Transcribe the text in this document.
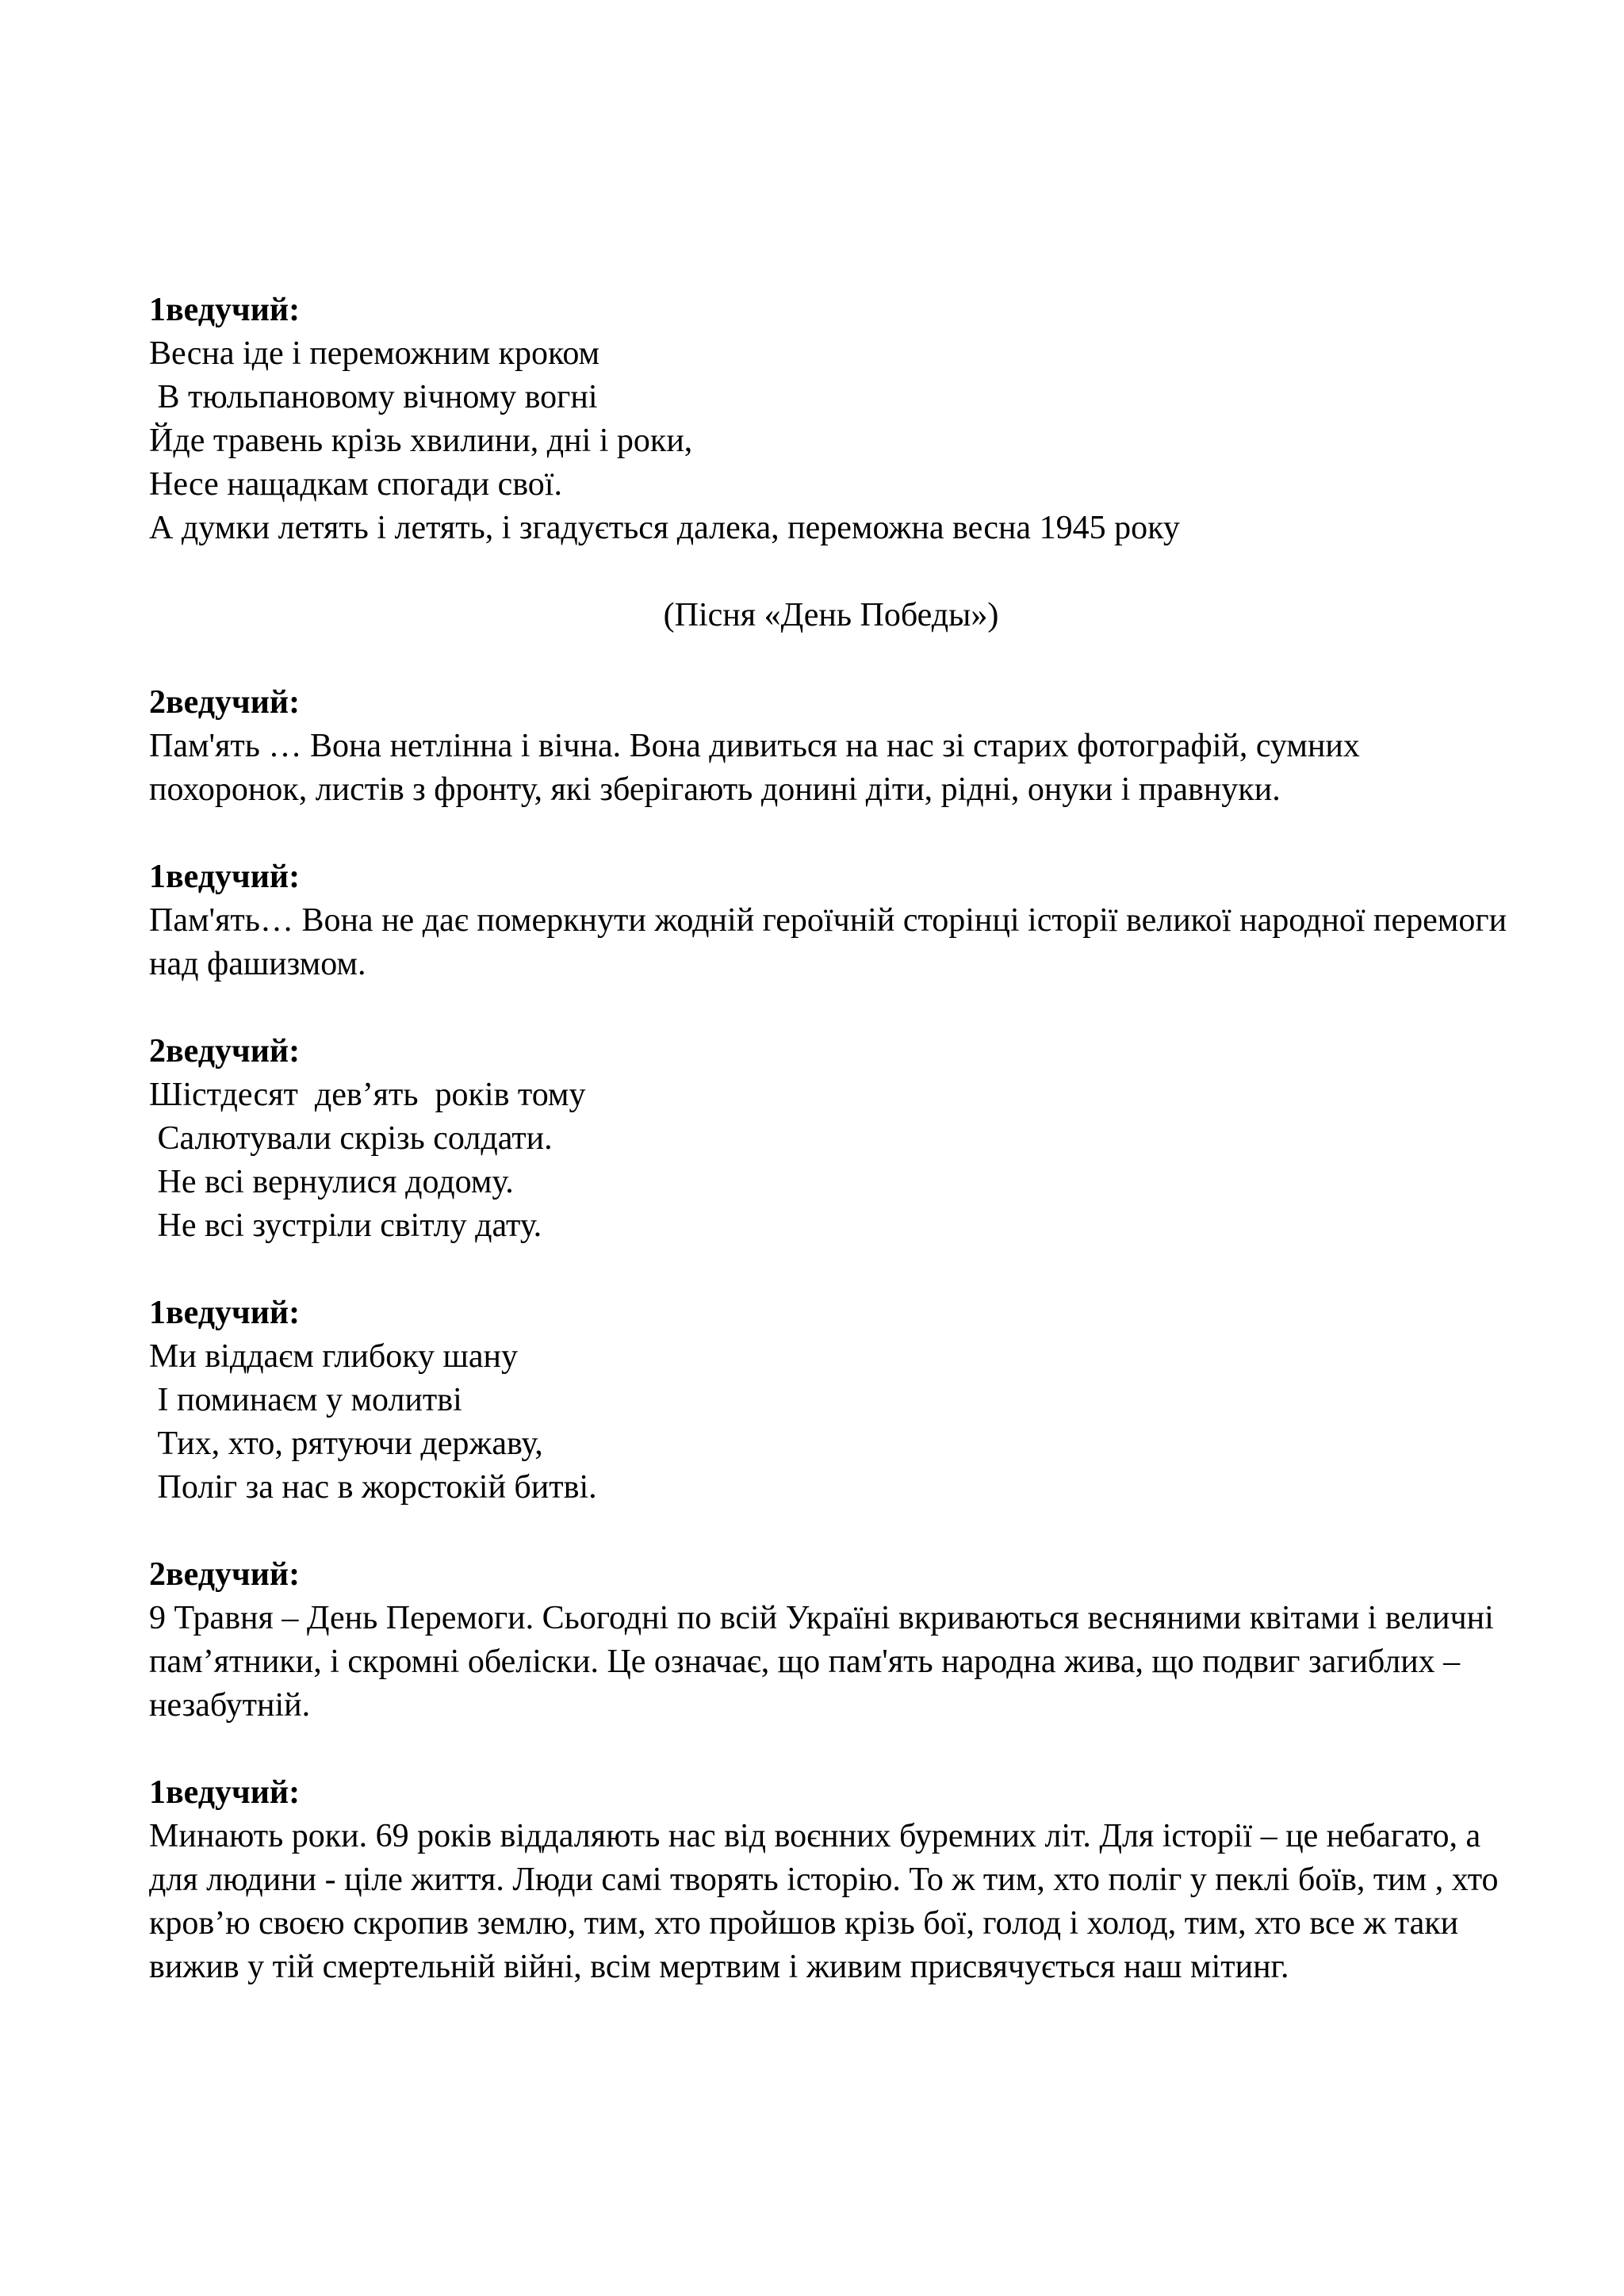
1ведучий:
Весна іде і переможним кроком
В тюльпановому вічному вогні
Йде травень крізь хвилини, дні і роки,
Несе нащадкам спогади свої.
А думки летять і летять, і згадується далека, переможна весна 1945 року
(Пісня «День Победы»)
2ведучий:
Пам'ять … Вона нетлінна і вічна. Вона дивиться на нас зі старих фотографій, сумних похоронок, листів з фронту, які зберігають донині діти, рідні, онуки і правнуки.
1ведучий:
Пам'ять… Вона не дає померкнути жодній героїчній сторінці історії великої народної перемоги над фашизмом.
2ведучий:
Шістдесят  дев’ять  років тому
Салютували скрізь солдати.
Не всі вернулися додому.
Не всі зустріли світлу дату.
1ведучий:
Ми віддаєм глибоку шану
І поминаєм у молитві
Тих, хто, рятуючи державу,
Поліг за нас в жорстокій битві.
2ведучий:
9 Травня – День Перемоги. Сьогодні по всій Україні вкриваються весняними квітами і величні пам’ятники, і скромні обеліски. Це означає, що пам'ять народна жива, що подвиг загиблих – незабутній.
1ведучий:
Минають роки. 69 років віддаляють нас від воєнних буремних літ. Для історії – це небагато, а для людини - ціле життя. Люди самі творять історію. То ж тим, хто поліг у пеклі боїв, тим , хто кров’ю своєю скропив землю, тим, хто пройшов крізь бої, голод і холод, тим, хто все ж таки вижив у тій смертельній війні, всім мертвим і живим присвячується наш мітинг.
